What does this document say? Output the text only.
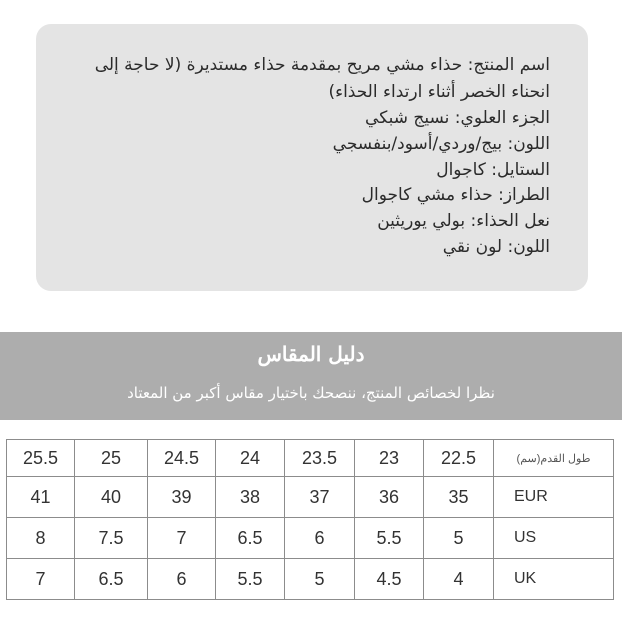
اسم المنتج: حذاء مشي مريح بمقدمة حذاء مستديرة (لا حاجة إلى انحناء الخصر أثناء ارتداء الحذاء)
الجزء العلوي: نسيج شبكي
اللون: بيج/وردي/أسود/بنفسجي
الستايل: كاجوال
الطراز: حذاء مشي كاجوال
نعل الحذاء: بولي يوريثين
اللون: لون نقي
دليل المقاس
نظرا لخصائص المنتج، ننصحك باختيار مقاس أكبر من المعتاد
25.5	25	24.5	24	23.5	23	22.5	طول القدم(سم)
41	40	39	38	37	36	35	EUR
8	7.5	7	6.5	6	5.5	5	US
7	6.5	6	5.5	5	4.5	4	UK
